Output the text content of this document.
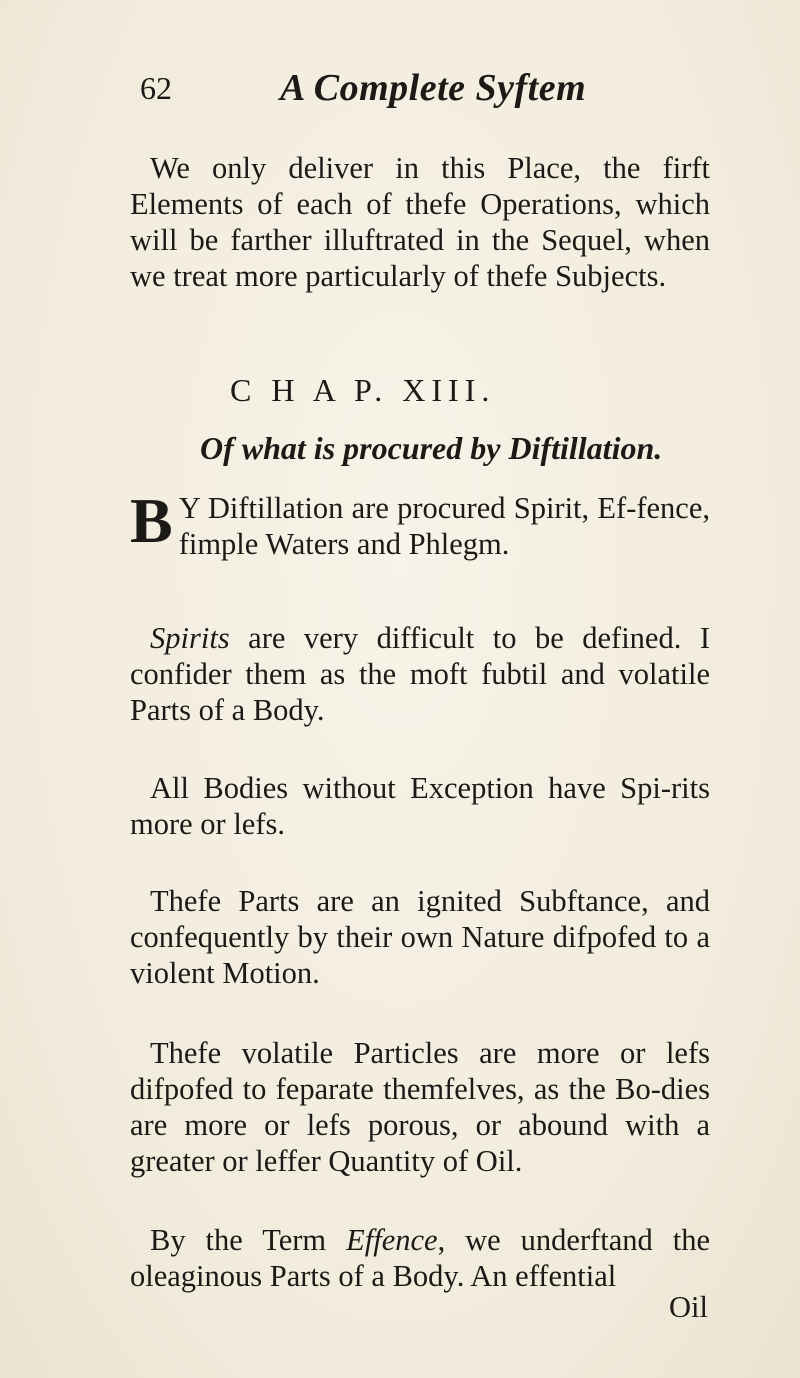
62	A Complete Syftem

We only deliver in this Place, the firft Elements of each of thefe Operations, which will be farther illuftrated in the Sequel, when we treat more particularly of thefe Subjects.

C H A P. XIII.
Of what is procured by Diftillation.
B Y Diftillation are procured Spirit, Ef-fence, fimple Waters and Phlegm.

Spirits are very difficult to be defined. I confider them as the moft fubtil and volatile Parts of a Body.

All Bodies without Exception have Spi-rits more or lefs.

Thefe Parts are an ignited Subftance, and confequently by their own Nature difpofed to a violent Motion.

Thefe volatile Particles are more or lefs difpofed to feparate themfelves, as the Bo-dies are more or lefs porous, or abound with a greater or leffer Quantity of Oil.

By the Term Effence, we underftand the oleaginous Parts of a Body. An effential

Oil
